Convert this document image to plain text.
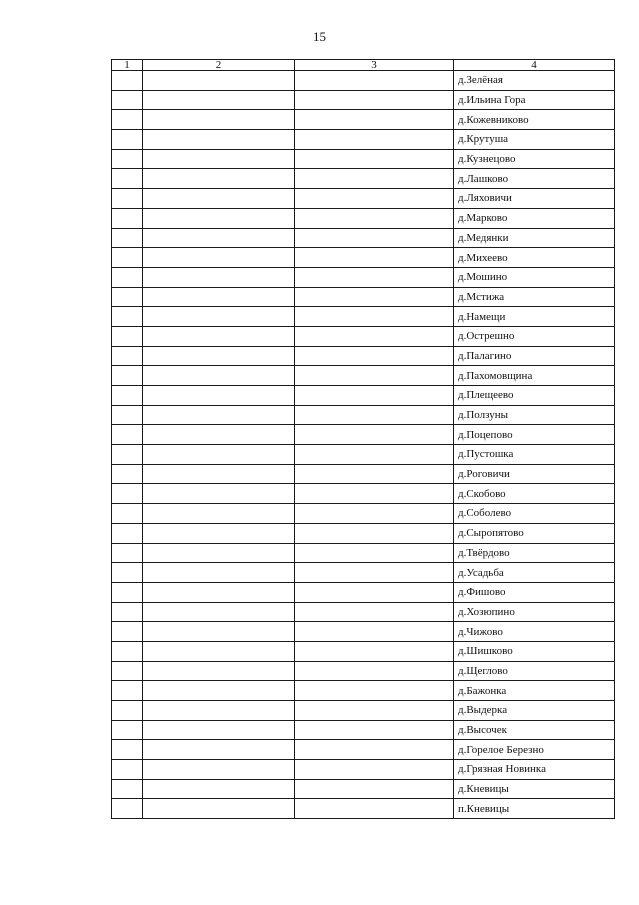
15
1	2	3	4
			д.Зелёная
			д.Ильина Гора
			д.Кожевниково
			д.Крутуша
			д.Кузнецово
			д.Лашково
			д.Ляховичи
			д.Марково
			д.Медянки
			д.Михеево
			д.Мошино
			д.Мстижа
			д.Намещи
			д.Острешно
			д.Палагино
			д.Пахомовщина
			д.Плещеево
			д.Ползуны
			д.Поцепово
			д.Пустошка
			д.Роговичи
			д.Скобово
			д.Соболево
			д.Сыропятово
			д.Твёрдово
			д.Усадьба
			д.Фишово
			д.Хозюпино
			д.Чижово
			д.Шишково
			д.Щеглово
			д.Бажонка
			д.Выдерка
			д.Высочек
			д.Горелое Березно
			д.Грязная Новинка
			д.Кневицы
			п.Кневицы
